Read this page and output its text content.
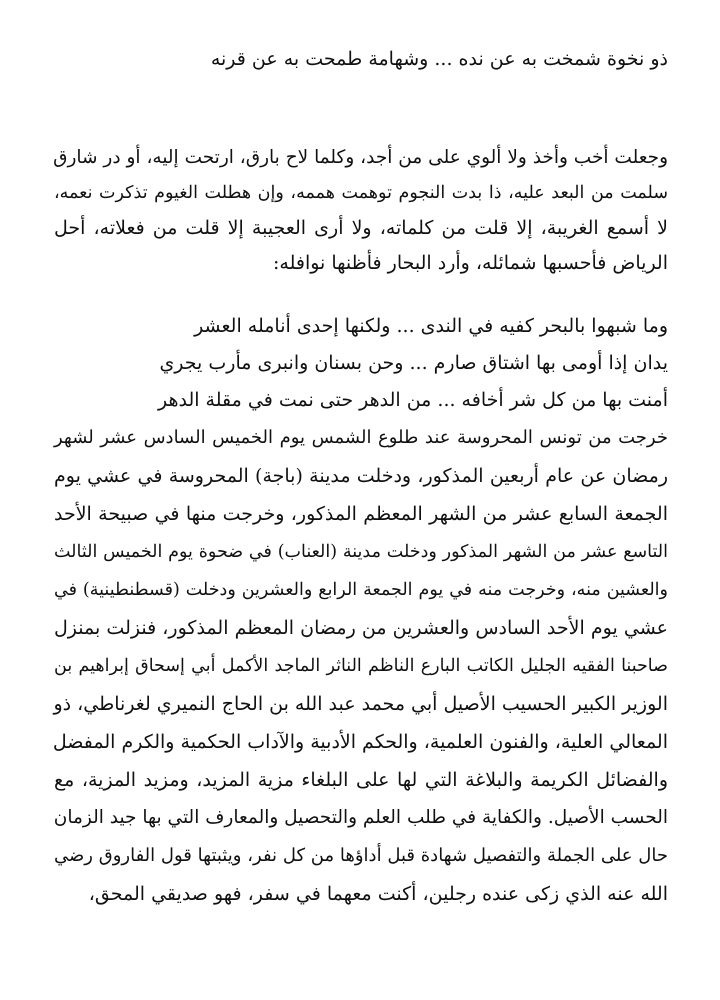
ذو نخوة شمخت به عن نده ... وشهامة طمحت به عن قرنه
وجعلت أخب وأخذ ولا ألوي على من أجد، وكلما لاح بارق، ارتحت إليه، أو در شارق
سلمت من البعد عليه، ذا بدت النجوم توهمت هممه، وإن هطلت الغيوم تذكرت نعمه،
لا أسمع الغريبة، إلا قلت من كلماته، ولا أرى العجيبة إلا قلت من فعلاته، أحل
الرياض فأحسبها شمائله، وأرد البحار فأظنها نوافله:
وما شبهوا بالبحر كفيه في الندى ... ولكنها إحدى أنامله العشر
يدان إذا أومى بها اشتاق صارم ... وحن بسنان وانبرى مأرب يجري
أمنت بها من كل شر أخافه ... من الدهر حتى نمت في مقلة الدهر
خرجت من تونس المحروسة عند طلوع الشمس يوم الخميس السادس عشر لشهر
رمضان عن عام أربعين المذكور، ودخلت مدينة (باجة) المحروسة في عشي يوم
الجمعة السابع عشر من الشهر المعظم المذكور، وخرجت منها في صبيحة الأحد
التاسع عشر من الشهر المذكور ودخلت مدينة (العناب) في ضحوة يوم الخميس الثالث
والعشين منه، وخرجت منه في يوم الجمعة الرابع والعشرين ودخلت (قسطنطينية) في
عشي يوم الأحد السادس والعشرين من رمضان المعظم المذكور، فنزلت بمنزل
صاحبنا الفقيه الجليل الكاتب البارع الناظم الناثر الماجد الأكمل أبي إسحاق إبراهيم بن
الوزير الكبير الحسيب الأصيل أبي محمد عبد الله بن الحاج النميري لغرناطي، ذو
المعالي العلية، والفنون العلمية، والحكم الأدبية والآداب الحكمية والكرم المفضل
والفضائل الكريمة والبلاغة التي لها على البلغاء مزية المزيد، ومزيد المزية، مع
الحسب الأصيل. والكفاية في طلب العلم والتحصيل والمعارف التي بها جيد الزمان
حال على الجملة والتفصيل شهادة قبل أداؤها من كل نفر، ويثبتها قول الفاروق رضي
الله عنه الذي زكى عنده رجلين، أكنت معهما في سفر، فهو صديقي المحق،
